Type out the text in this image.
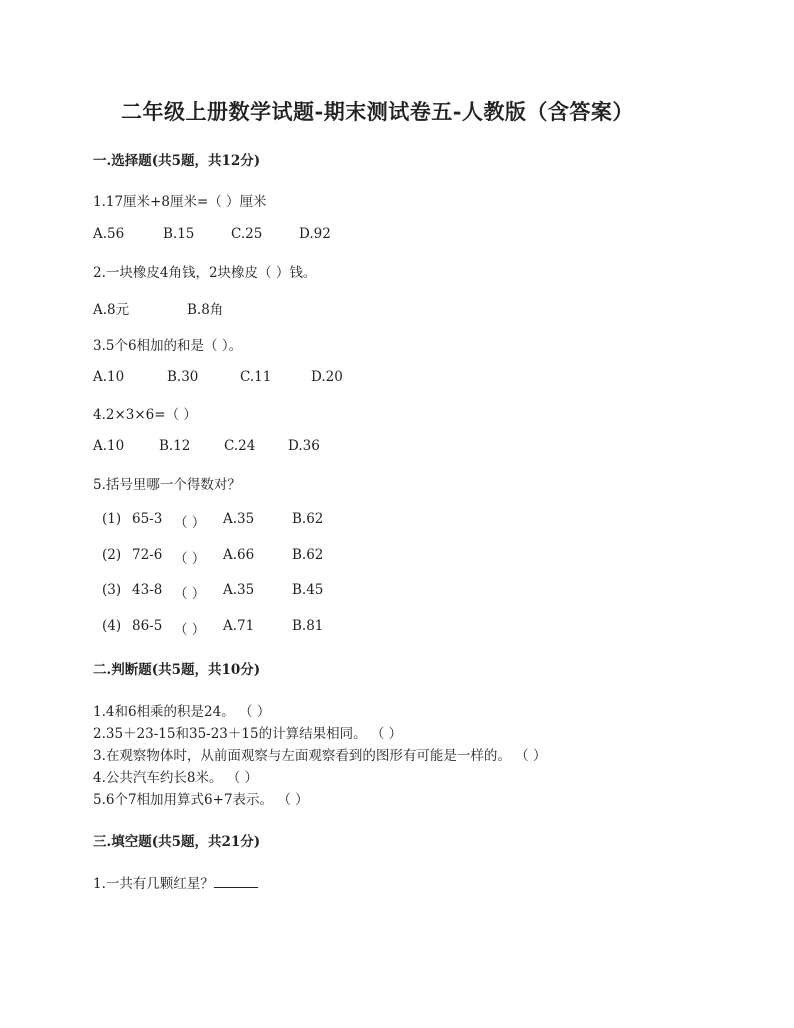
二年级上册数学试题-期末测试卷五-人教版（含答案）
一.选择题(共5题，共12分)
1.17厘米+8厘米=（ ）厘米
A.56	B.15	C.25	D.92
2.一块橡皮4角钱，2块橡皮（ ）钱。
A.8元	B.8角
3.5个6相加的和是（ ）。
A.10	B.30	C.11	D.20
4.2×3×6=（ ）
A.10	B.12 C.24 D.36
5.括号里哪一个得数对？
(1) 65-3 （ ） A.35	B.62
(2) 72-6 （ ） A.66	B.62
(3) 43-8 （ ） A.35	B.45
(4) 86-5 （ ） A.71	B.81
二.判断题(共5题，共10分)
1.4和6相乘的积是24。 （ ）
2.35＋23-15和35-23＋15的计算结果相同。 （ ）
3.在观察物体时，从前面观察与左面观察看到的图形有可能是一样的。 （ ）
4.公共汽车约长8米。 （ ）
5.6个7相加用算式6+7表示。 （ ）
三.填空题(共5题，共21分)
1.一共有几颗红星？
